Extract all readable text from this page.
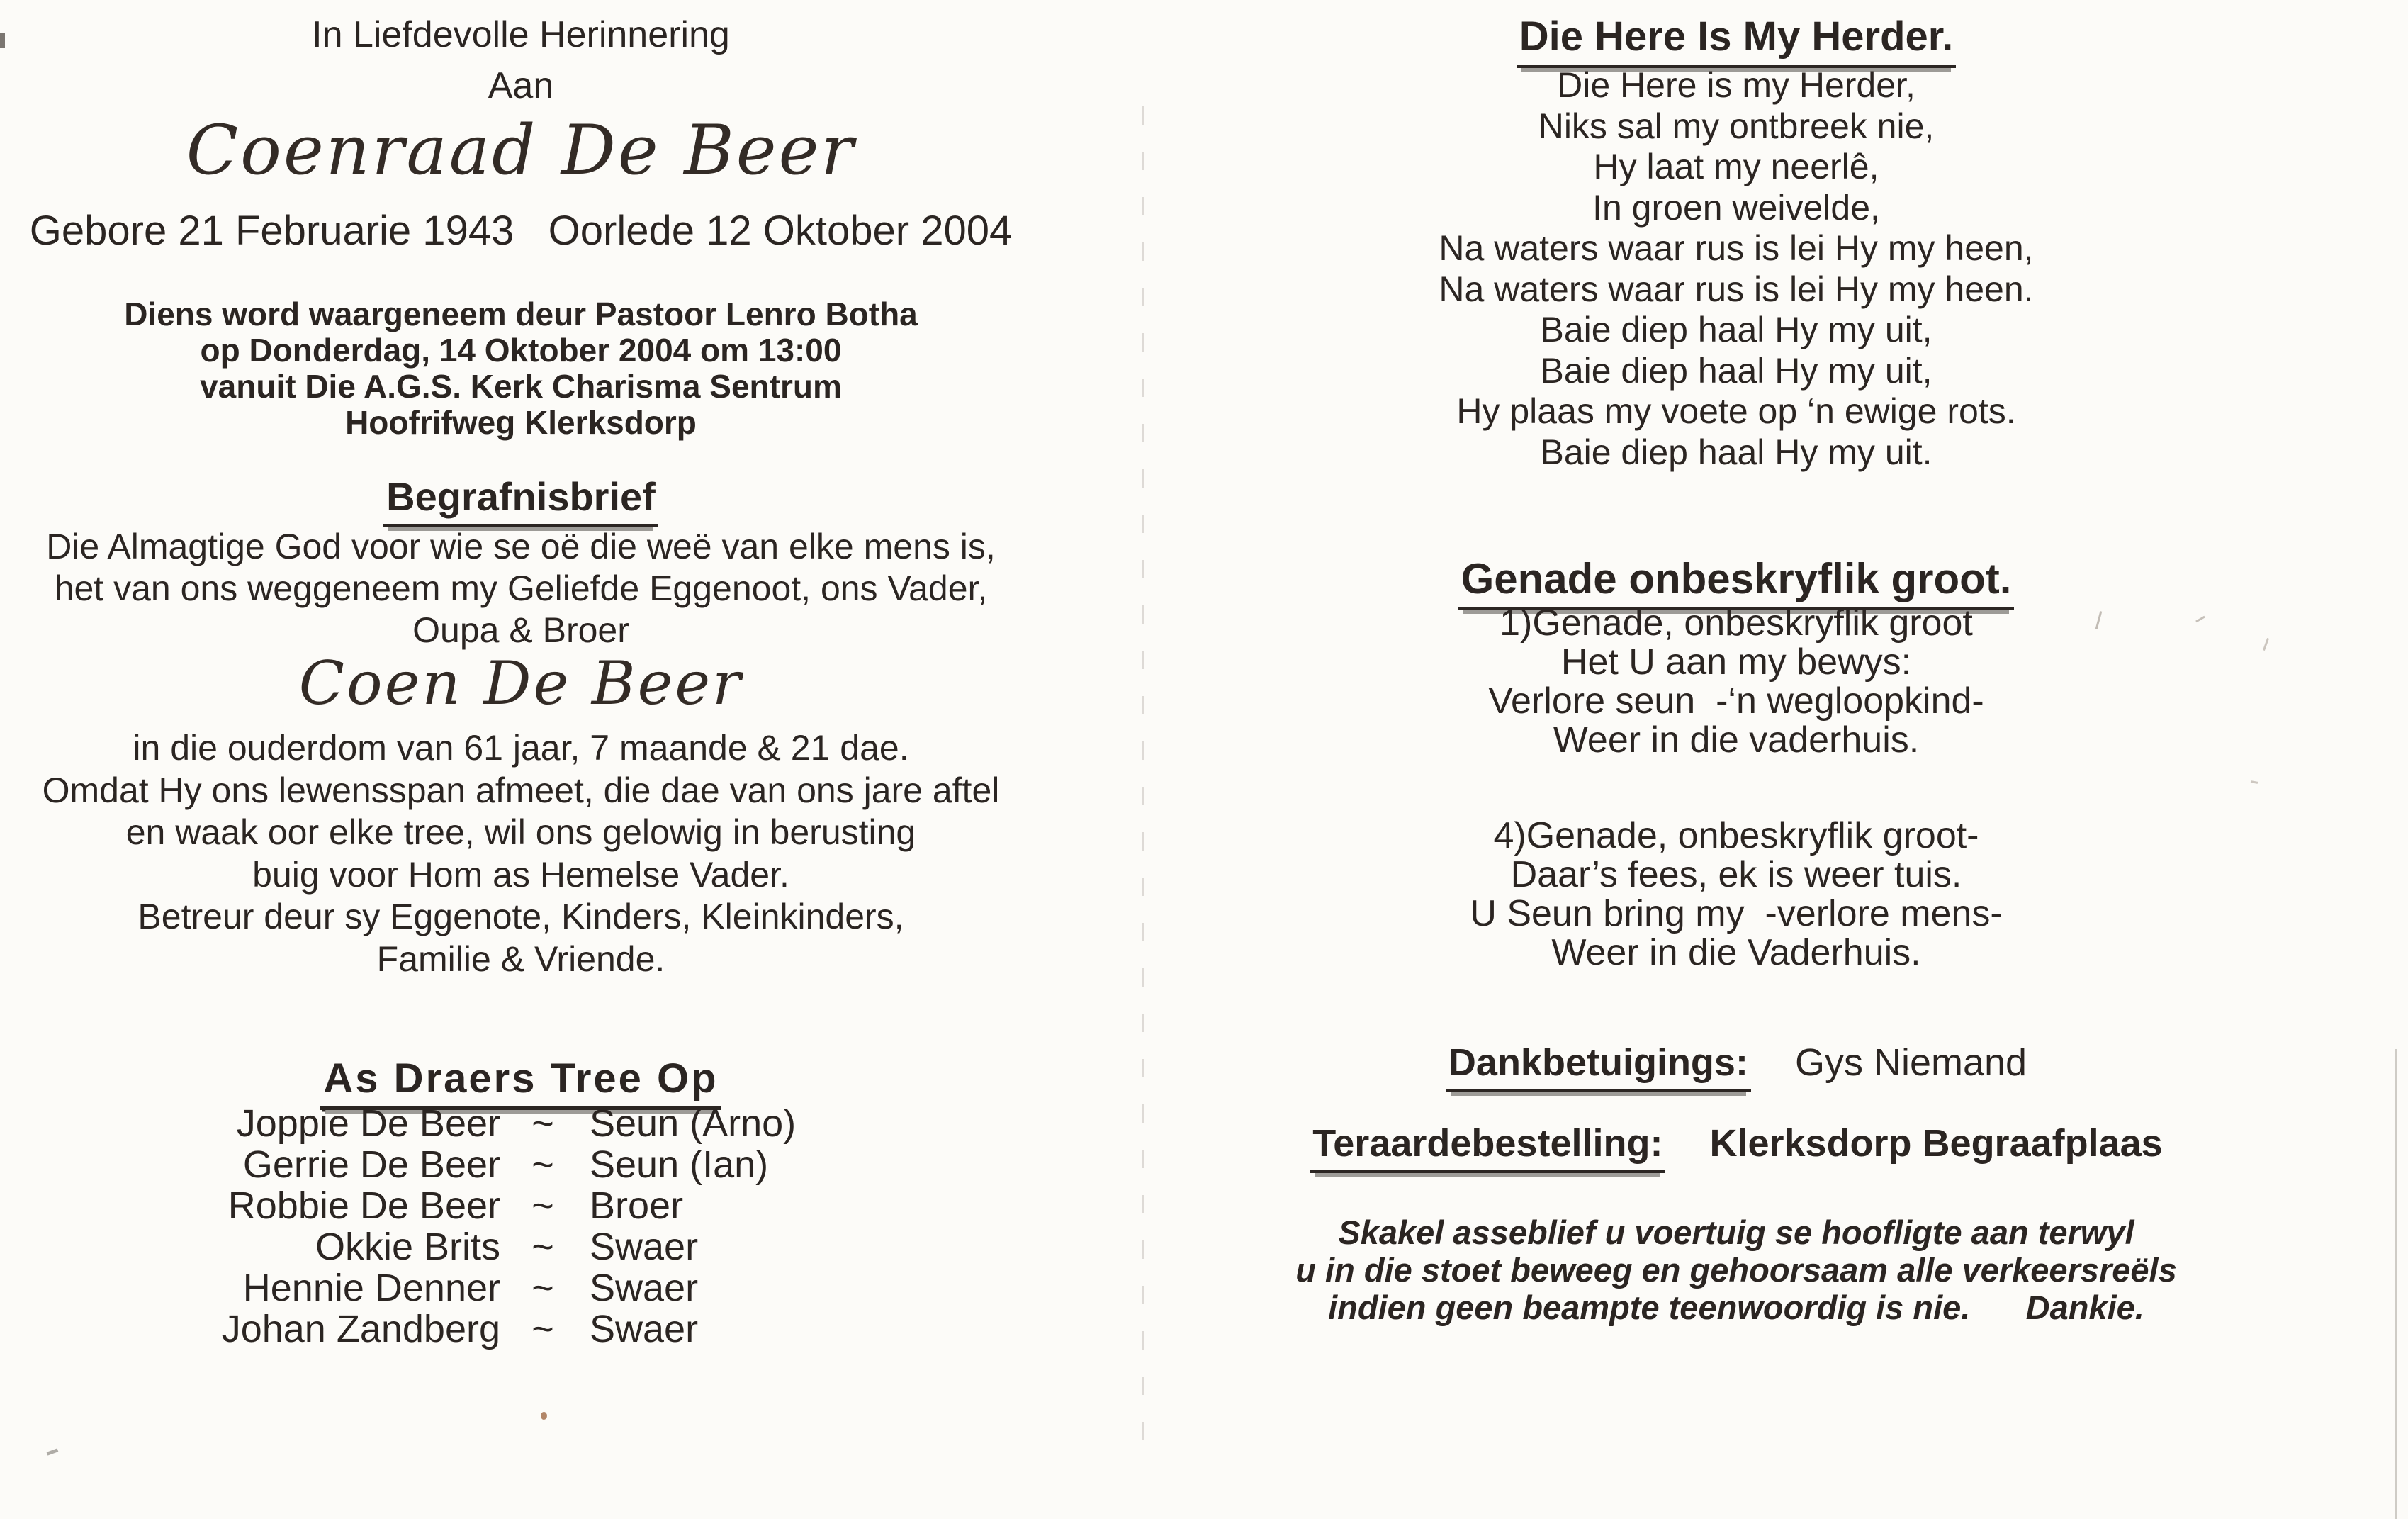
In Liefdevolle Herinnering
Aan
Coenraad De Beer
Gebore 21 Februarie 1943   Oorlede 12 Oktober 2004
Diens word waargeneem deur Pastoor Lenro Botha
op Donderdag, 14 Oktober 2004 om 13:00
vanuit Die A.G.S. Kerk Charisma Sentrum
Hoofrifweg Klerksdorp
Begrafnisbrief
Die Almagtige God voor wie se oë die weë van elke mens is,
het van ons weggeneem my Geliefde Eggenoot, ons Vader,
Oupa & Broer
Coen De Beer
in die ouderdom van 61 jaar, 7 maande & 21 dae.
Omdat Hy ons lewensspan afmeet, die dae van ons jare aftel
en waak oor elke tree, wil ons gelowig in berusting
buig voor Hom as Hemelse Vader.
Betreur deur sy Eggenote, Kinders, Kleinkinders,
Familie & Vriende.
As Draers Tree Op
Joppie De Beer ~ Seun (Arno)
Gerrie De Beer ~ Seun (Ian)
Robbie De Beer ~ Broer
Okkie Brits ~ Swaer
Hennie Denner ~ Swaer
Johan Zandberg ~ Swaer
Die Here Is My Herder.
Die Here is my Herder,
Niks sal my ontbreek nie,
Hy laat my neerlê,
In groen weivelde,
Na waters waar rus is lei Hy my heen,
Na waters waar rus is lei Hy my heen.
Baie diep haal Hy my uit,
Baie diep haal Hy my uit,
Hy plaas my voete op ‘n ewige rots.
Baie diep haal Hy my uit.
Genade onbeskryflik groot.
1)Genade, onbeskryflik groot
Het U aan my bewys:
Verlore seun  -‘n wegloopkind-
Weer in die vaderhuis.
4)Genade, onbeskryflik groot-
Daar’s fees, ek is weer tuis.
U Seun bring my  -verlore mens-
Weer in die Vaderhuis.
Dankbetuigings: Gys Niemand
Teraardebestelling: Klerksdorp Begraafplaas
Skakel asseblief u voertuig se hoofligte aan terwyl
u in die stoet beweeg en gehoorsaam alle verkeersreëls
indien geen beampte teenwoordig is nie.      Dankie.
